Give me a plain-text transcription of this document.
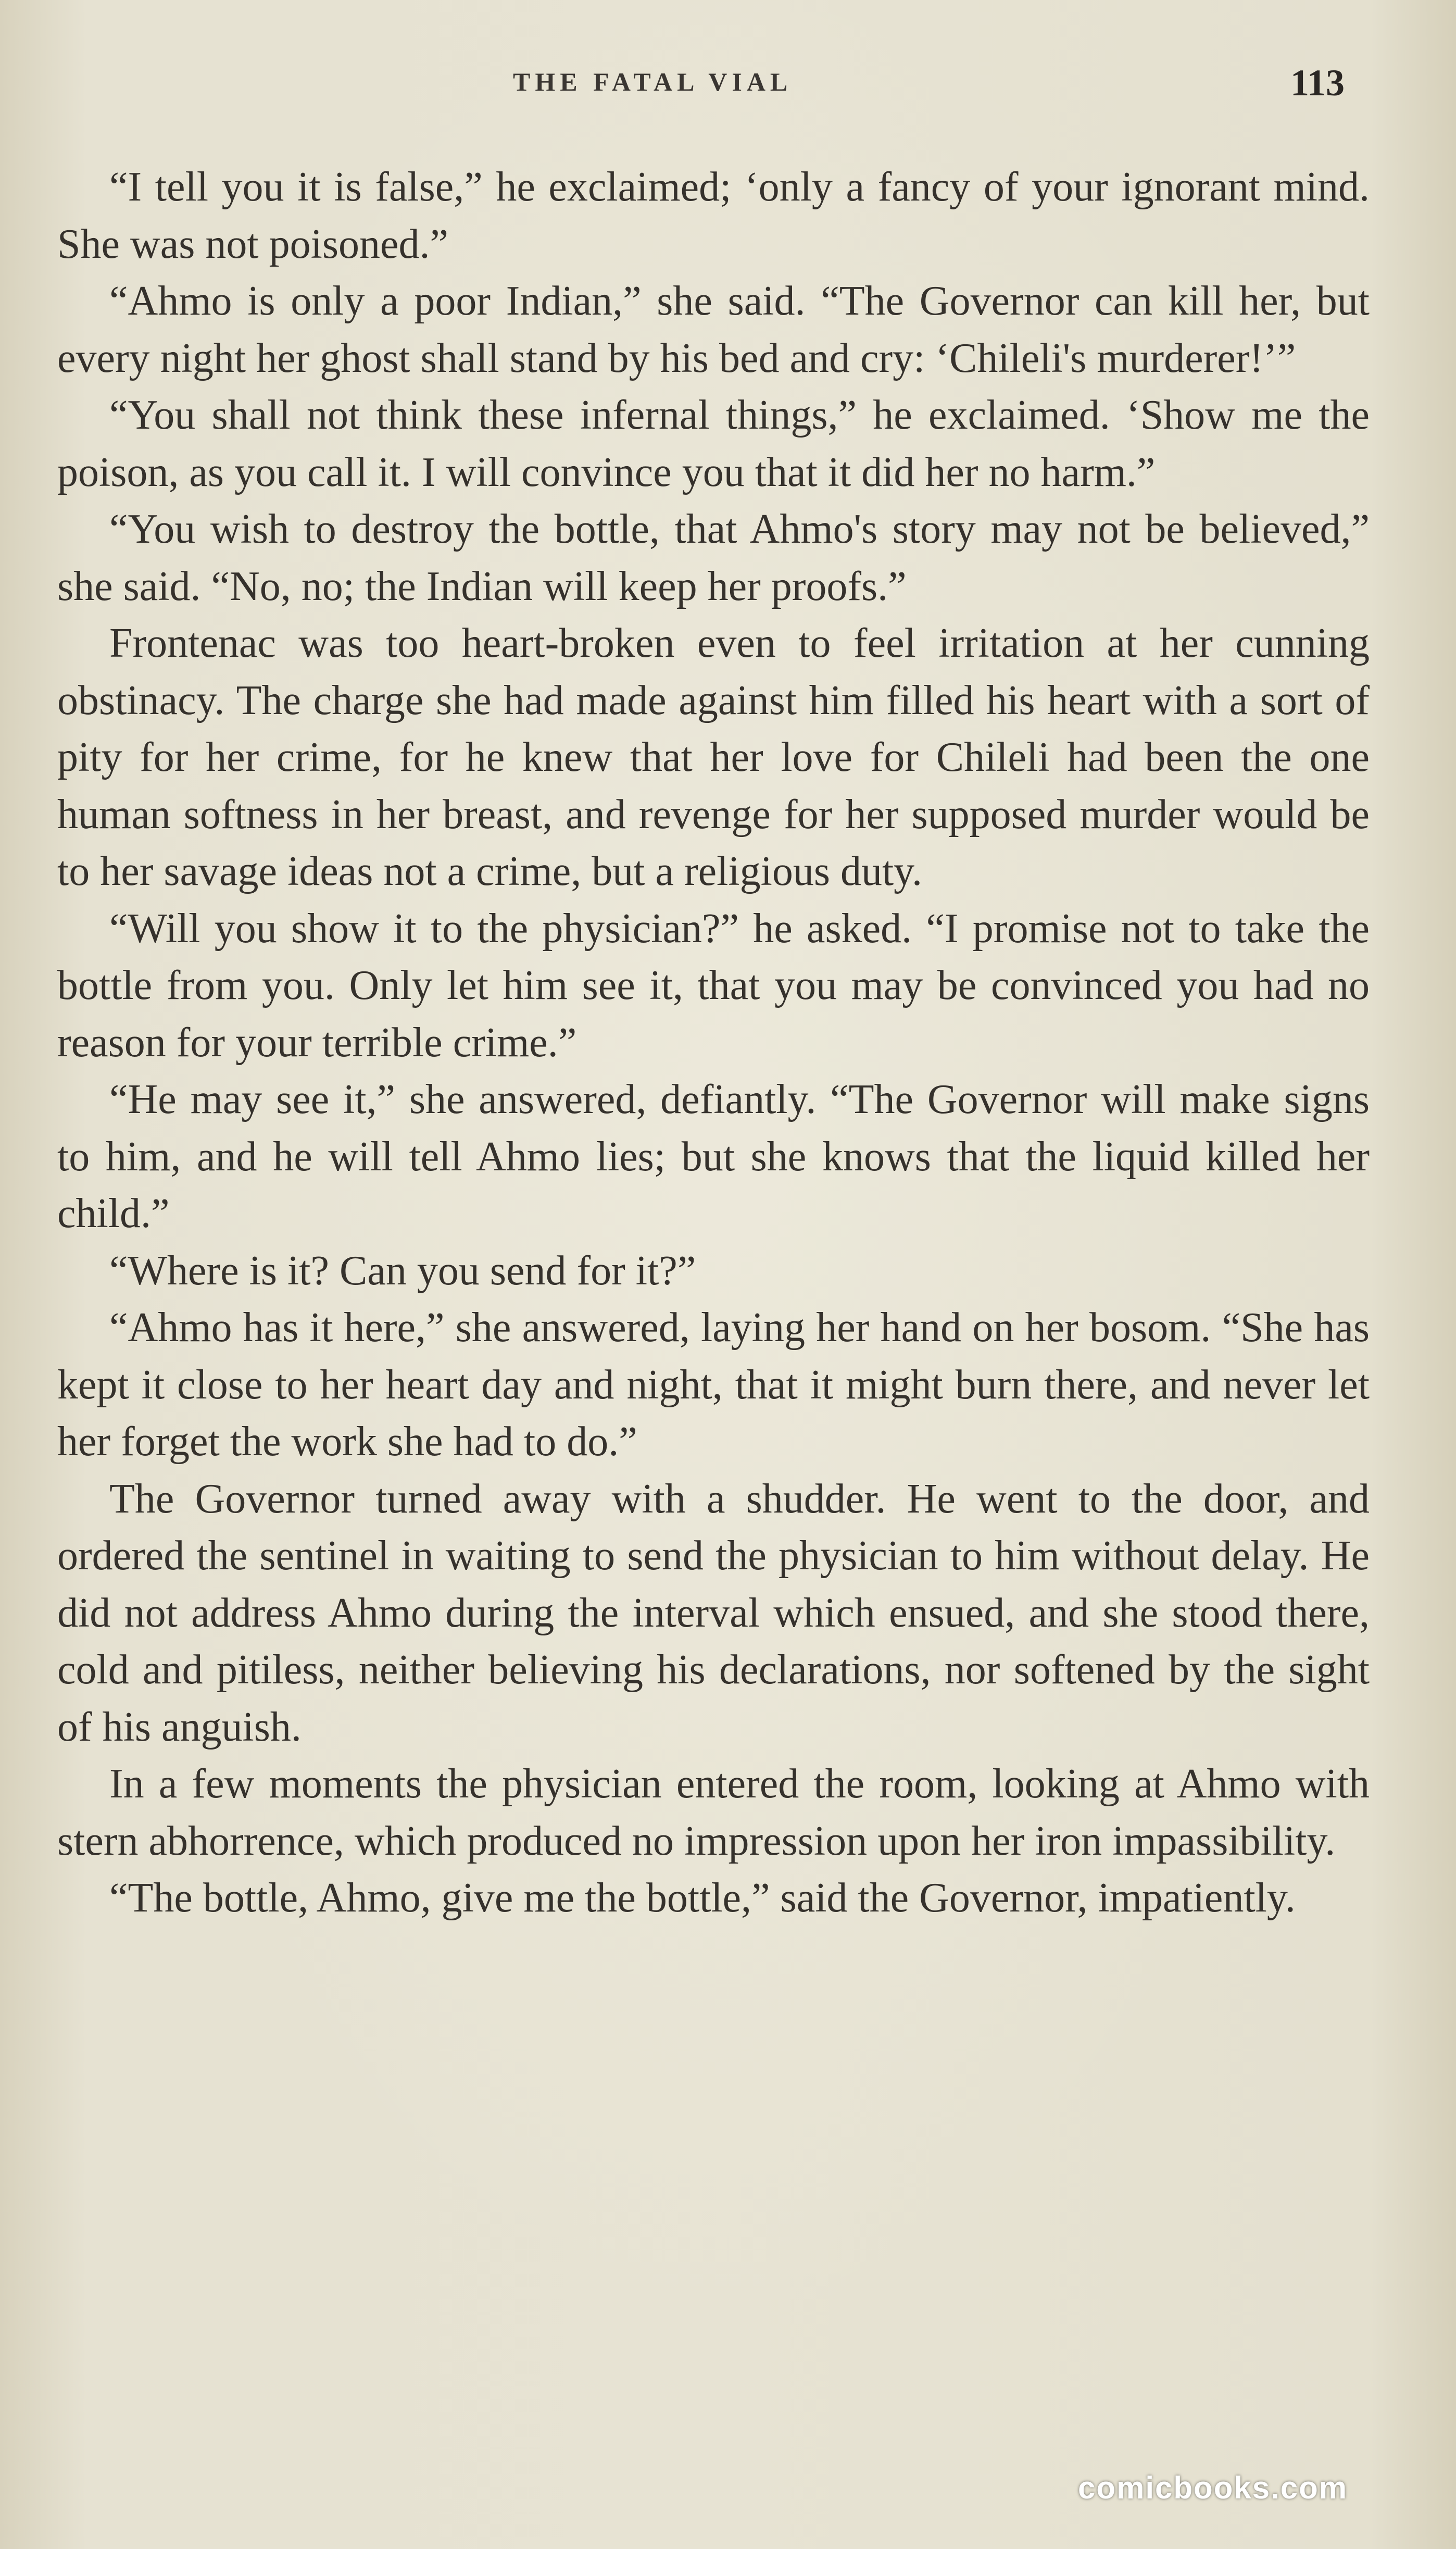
THE FATAL VIAL	113

“I tell you it is false,” he exclaimed; ‘only a fancy of your ignorant mind. She was not poisoned.”

“Ahmo is only a poor Indian,” she said. “The Governor can kill her, but every night her ghost shall stand by his bed and cry: ‘Chileli's murderer!’”

“You shall not think these infernal things,” he exclaimed. ‘Show me the poison, as you call it. I will convince you that it did her no harm.”

“You wish to destroy the bottle, that Ahmo's story may not be believed,” she said. “No, no; the Indian will keep her proofs.”

Frontenac was too heart-broken even to feel irritation at her cunning obstinacy. The charge she had made against him filled his heart with a sort of pity for her crime, for he knew that her love for Chileli had been the one human softness in her breast, and revenge for her supposed murder would be to her savage ideas not a crime, but a religious duty.

“Will you show it to the physician?” he asked. “I promise not to take the bottle from you. Only let him see it, that you may be convinced you had no reason for your terrible crime.”

“He may see it,” she answered, defiantly. “The Governor will make signs to him, and he will tell Ahmo lies; but she knows that the liquid killed her child.”

“Where is it? Can you send for it?”

“Ahmo has it here,” she answered, laying her hand on her bosom. “She has kept it close to her heart day and night, that it might burn there, and never let her forget the work she had to do.”

The Governor turned away with a shudder. He went to the door, and ordered the sentinel in waiting to send the physician to him without delay. He did not address Ahmo during the interval which ensued, and she stood there, cold and pitiless, neither believing his declarations, nor softened by the sight of his anguish.

In a few moments the physician entered the room, looking at Ahmo with stern abhorrence, which produced no impression upon her iron impassibility.

“The bottle, Ahmo, give me the bottle,” said the Governor, impatiently.

comicbooks.com
